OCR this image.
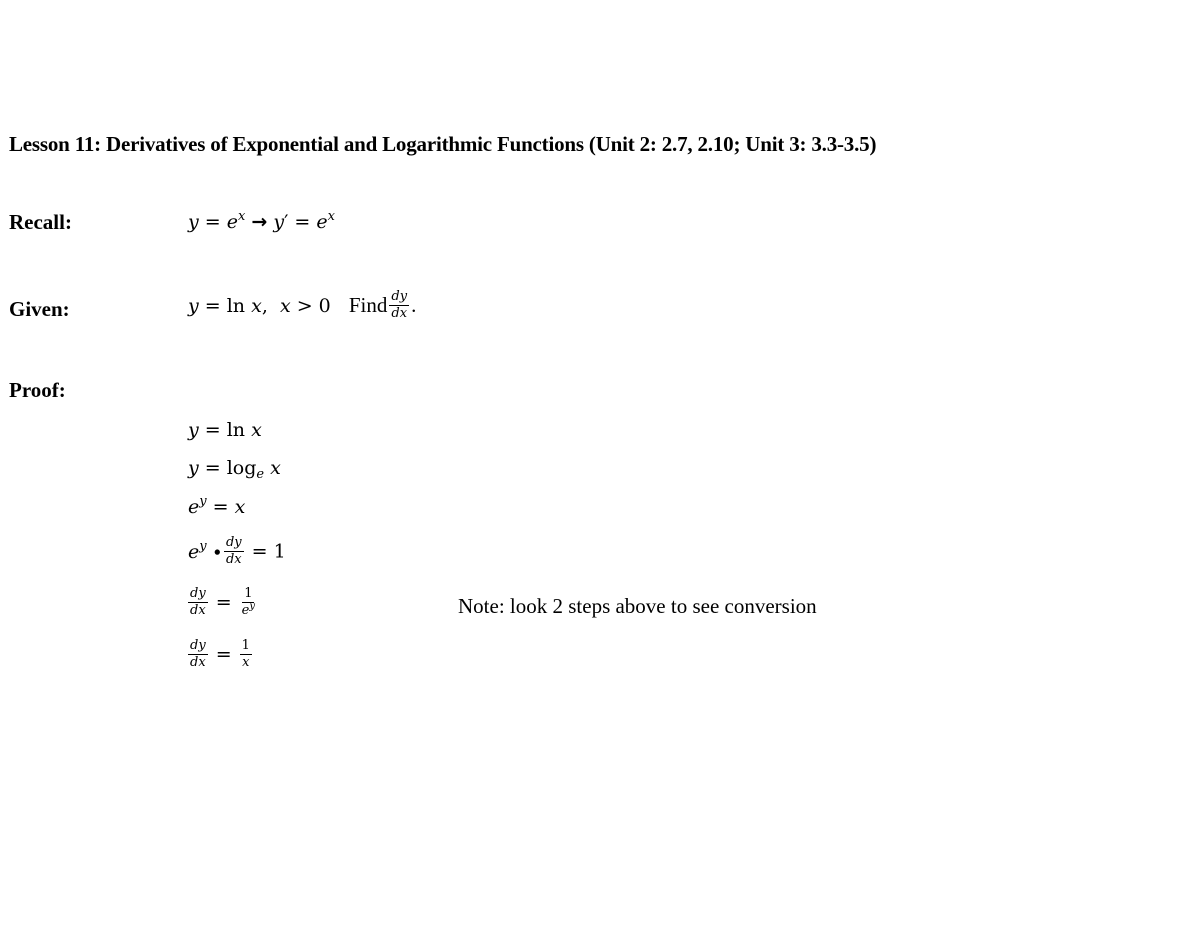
Lesson 11: Derivatives of Exponential and Logarithmic Functions (Unit 2: 2.7, 2.10; Unit 3: 3.3-3.5)
Recall:	$y = e^x \to y' = e^x$
Given:	y = ln x,  x > 0   Find $\frac{dy}{dx}$ .
Proof:
y = ln x
$y = \log_e x$
$e^y = x$
$e^y \cdot \frac{dy}{dx} = 1$
$\frac{dy}{dx} = \frac{1}{e^y}$
$\frac{dy}{dx} = \frac{1}{x}$
Note: look 2 steps above to see conversion
